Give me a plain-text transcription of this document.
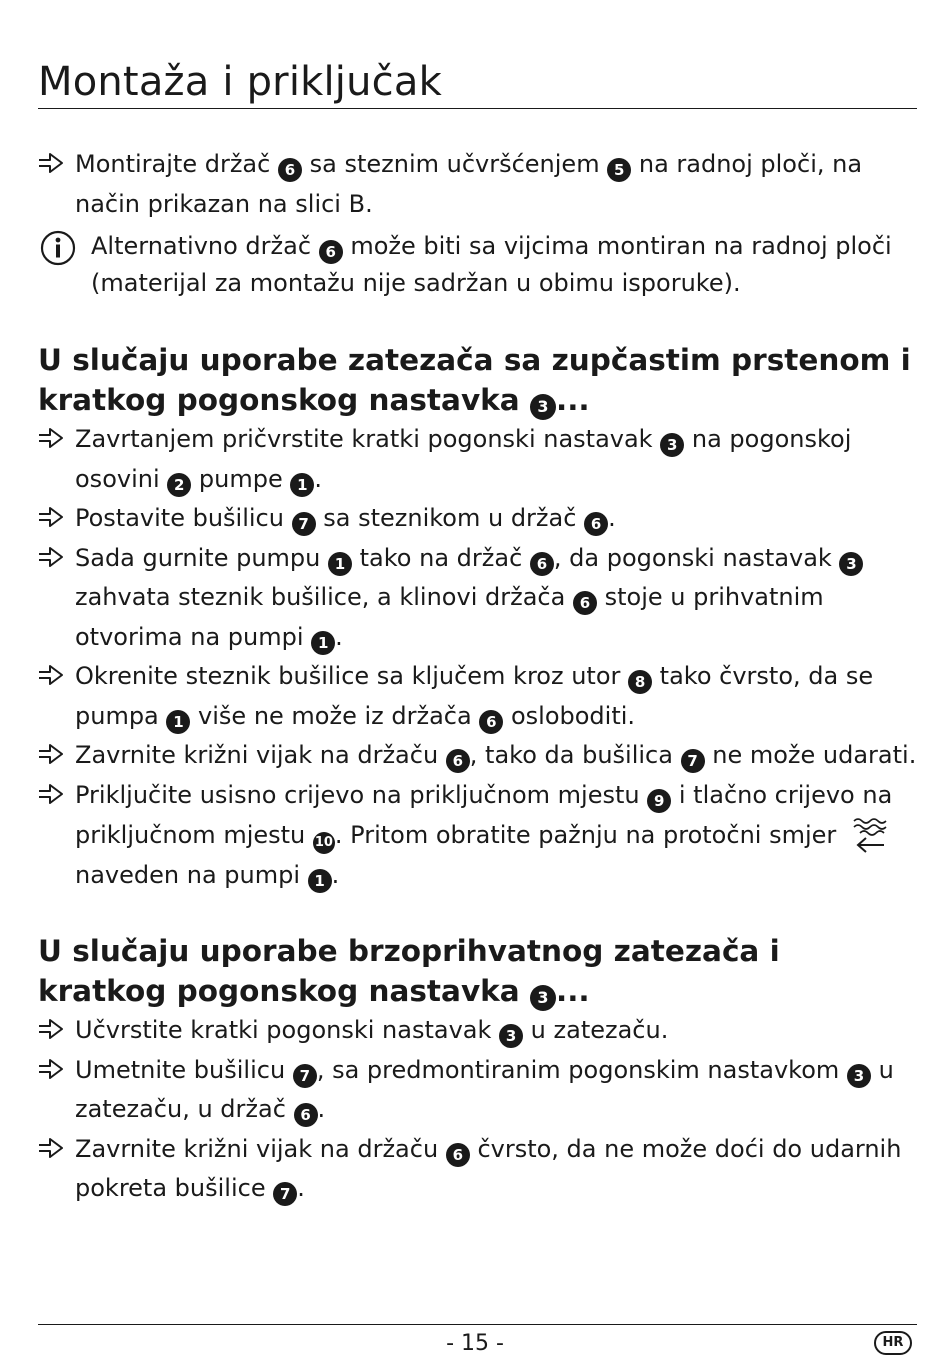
Montaža i priključak
Montirajte držač 6 sa steznim učvršćenjem 5 na radnoj ploči, na način prikazan na slici B.
Alternativno držač 6 može biti sa vijcima montiran na radnoj ploči (materijal za montažu nije sadržan u obimu isporuke).
U slučaju uporabe zatezača sa zupčastim prstenom i kratkog pogonskog nastavka 3 ...
Zavrtanjem pričvrstite kratki pogonski nastavak 3 na pogonskoj osovini 2 pumpe 1 .
Postavite bušilicu 7 sa steznikom u držač 6 .
Sada gurnite pumpu 1 tako na držač 6 , da pogonski nastavak 3 zahvata steznik bušilice, a klinovi držača 6 stoje u prihvatnim otvorima na pumpi 1 .
Okrenite steznik bušilice sa ključem kroz utor 8 tako čvrsto, da se pumpa 1 više ne može iz držača 6 osloboditi.
Zavrnite križni vijak na držaču 6 , tako da bušilica 7 ne može udarati.
Priključite usisno crijevo na priključnom mjestu 9 i tlačno crijevo na priključnom mjestu 10. Pritom obratite pažnju na protočni smjer  naveden na pumpi 1 .
U slučaju uporabe brzoprihvatnog zatezača i kratkog pogonskog nastavka 3 ...
Učvrstite kratki pogonski nastavak 3 u zatezaču.
Umetnite bušilicu 7 , sa predmontiranim pogonskim nastavkom 3 u zatezaču, u držač 6 .
Zavrnite križni vijak na držaču 6 čvrsto, da ne može doći do udarnih pokreta bušilice 7 .
- 15 -	HR
